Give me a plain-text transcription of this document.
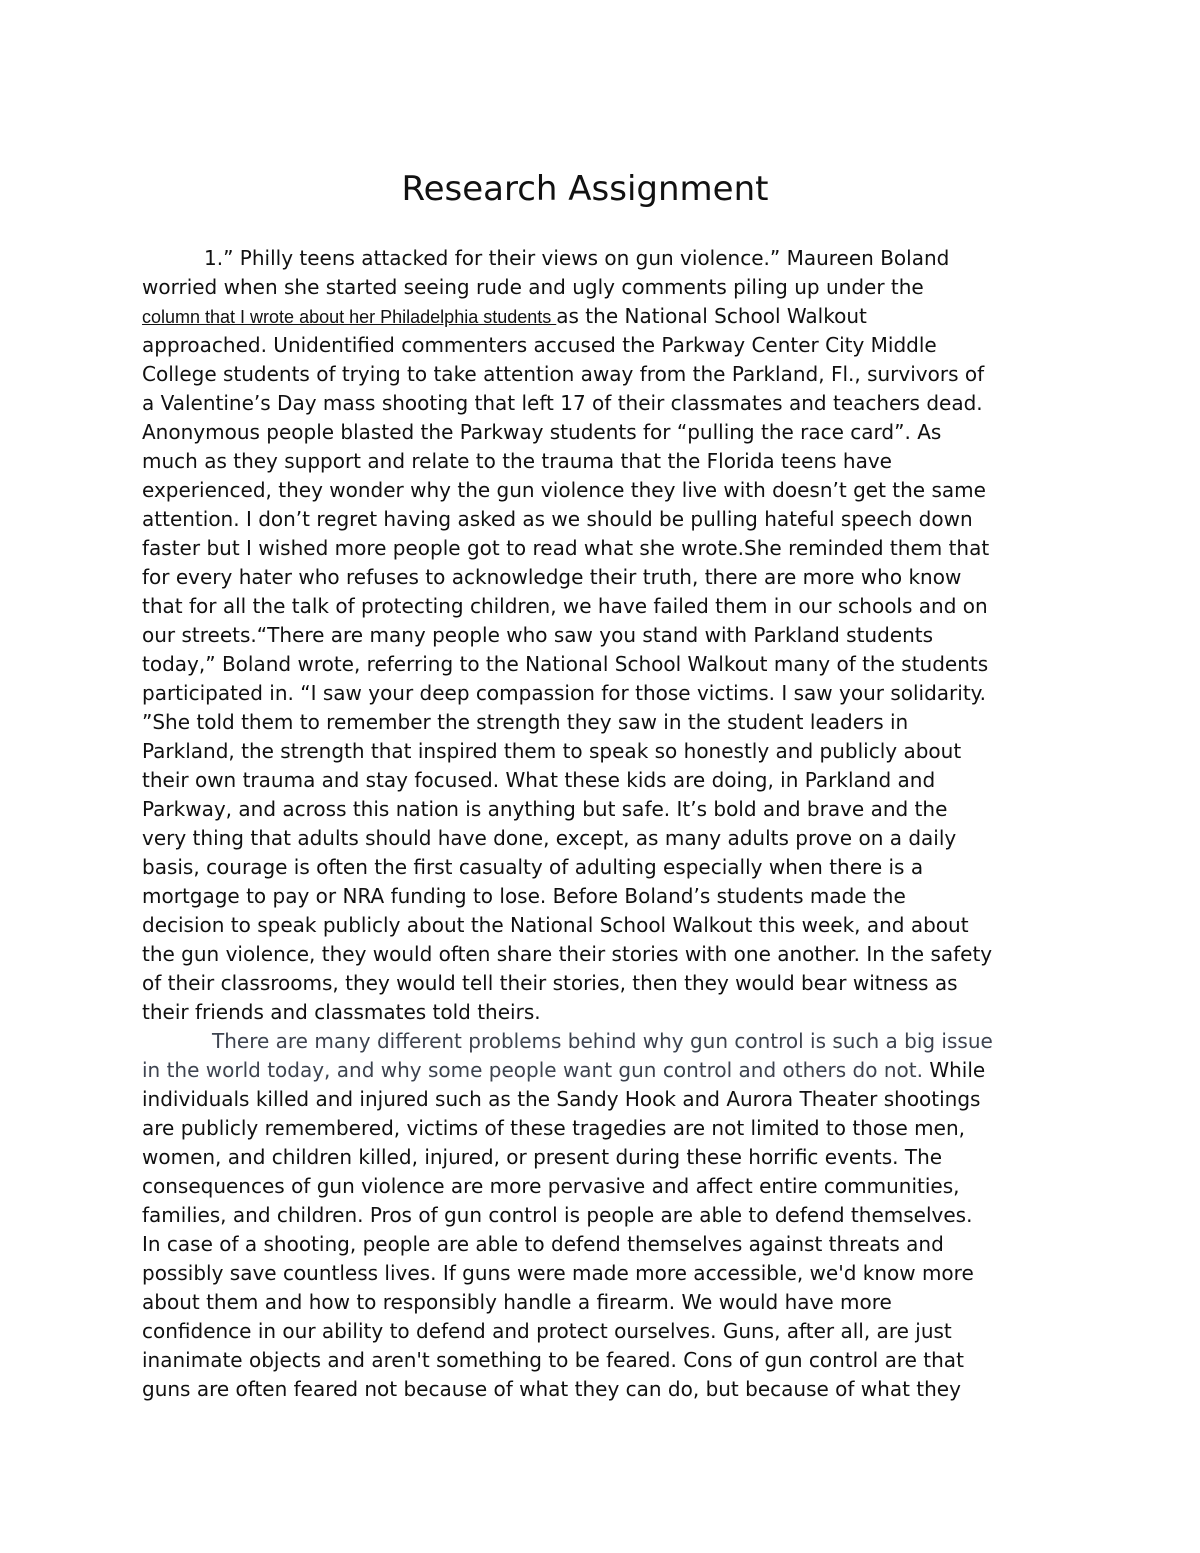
Research Assignment
1.” Philly teens attacked for their views on gun violence.” Maureen Boland
worried when she started seeing rude and ugly comments piling up under the
column that I wrote about her Philadelphia students as the National School Walkout
approached. Unidentified commenters accused the Parkway Center City Middle
College students of trying to take attention away from the Parkland, Fl., survivors of
a Valentine’s Day mass shooting that left 17 of their classmates and teachers dead.
Anonymous people blasted the Parkway students for “pulling the race card”. As
much as they support and relate to the trauma that the Florida teens have
experienced, they wonder why the gun violence they live with doesn’t get the same
attention. I don’t regret having asked as we should be pulling hateful speech down
faster but I wished more people got to read what she wrote.She reminded them that
for every hater who refuses to acknowledge their truth, there are more who know
that for all the talk of protecting children, we have failed them in our schools and on
our streets.“There are many people who saw you stand with Parkland students
today,” Boland wrote, referring to the National School Walkout many of the students
participated in. “I saw your deep compassion for those victims. I saw your solidarity.
”She told them to remember the strength they saw in the student leaders in
Parkland, the strength that inspired them to speak so honestly and publicly about
their own trauma and stay focused. What these kids are doing, in Parkland and
Parkway, and across this nation is anything but safe. It’s bold and brave and the
very thing that adults should have done, except, as many adults prove on a daily
basis, courage is often the first casualty of adulting especially when there is a
mortgage to pay or NRA funding to lose. Before Boland’s students made the
decision to speak publicly about the National School Walkout this week, and about
the gun violence, they would often share their stories with one another. In the safety
of their classrooms, they would tell their stories, then they would bear witness as
their friends and classmates told theirs.
There are many different problems behind why gun control is such a big issue
in the world today, and why some people want gun control and others do not. While
individuals killed and injured such as the Sandy Hook and Aurora Theater shootings
are publicly remembered, victims of these tragedies are not limited to those men,
women, and children killed, injured, or present during these horrific events. The
consequences of gun violence are more pervasive and affect entire communities,
families, and children. Pros of gun control is people are able to defend themselves.
In case of a shooting, people are able to defend themselves against threats and
possibly save countless lives. If guns were made more accessible, we'd know more
about them and how to responsibly handle a firearm. We would have more
confidence in our ability to defend and protect ourselves. Guns, after all, are just
inanimate objects and aren't something to be feared. Cons of gun control are that
guns are often feared not because of what they can do, but because of what they
